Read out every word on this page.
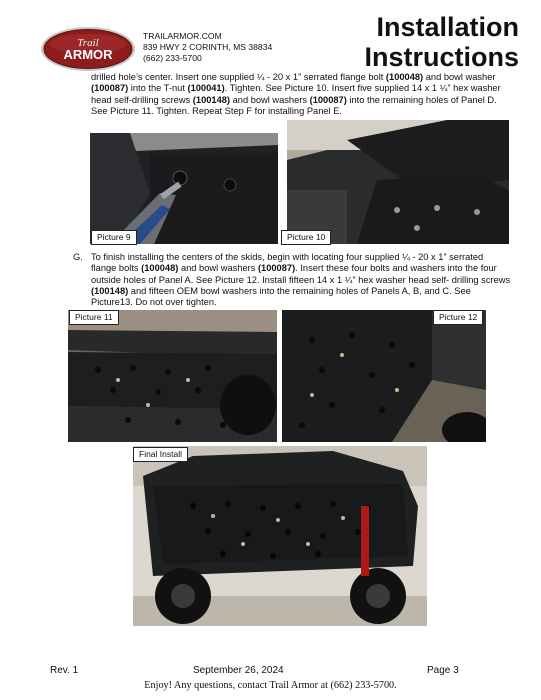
Trail
ARMOR
TRAILARMOR.COM
839 HWY 2 CORINTH, MS 38834
(662) 233-5700
Installation
Instructions
drilled hole’s center. Insert one supplied ¼ - 20 x 1” serrated flange bolt (100048) and bowl washer (100087) into the T-nut (100041). Tighten. See Picture 10. Insert five supplied 14 x 1 ¼” hex washer head self-drilling screws (100148) and bowl washers (100087) into the remaining holes of Panel D. See Picture 11. Tighten. Repeat Step F for installing Panel E.
Picture 9	Picture 10
G. To finish installing the centers of the skids, begin with locating four supplied ¼ - 20 x 1” serrated flange bolts (100048) and bowl washers (100087). Insert these four bolts and washers into the four outside holes of Panel A. See Picture 12. Install fifteen 14 x 1 ¼” hex washer head self- drilling screws (100148) and fifteen OEM bowl washers into the remaining holes of Panels A, B, and C. See Picture13. Do not over tighten.
Picture 11	Picture 12
Final Install
Rev. 1	September 26, 2024	Page 3
Enjoy! Any questions, contact Trail Armor at (662) 233-5700.
